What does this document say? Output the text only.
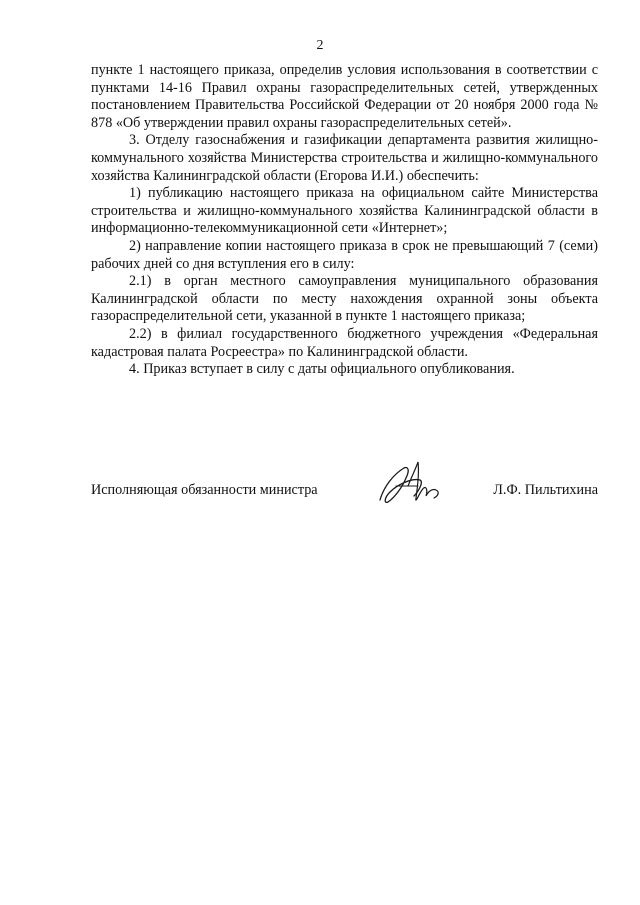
2

пункте 1 настоящего приказа, определив условия использования в соответствии с пунктами 14-16 Правил охраны газораспределительных сетей, утвержденных постановлением Правительства Российской Федерации от 20 ноября 2000 года № 878 «Об утверждении правил охраны газораспределительных сетей».

3. Отделу газоснабжения и газификации департамента развития жилищно-коммунального хозяйства Министерства строительства и жилищно-коммунального хозяйства Калининградской области (Егорова И.И.) обеспечить:

1) публикацию настоящего приказа на официальном сайте Министерства строительства и жилищно-коммунального хозяйства Калининградской области в информационно-телекоммуникационной сети «Интернет»;

2) направление копии настоящего приказа в срок не превышающий 7 (семи) рабочих дней со дня вступления его в силу:

2.1) в орган местного самоуправления муниципального образования Калининградской области по месту нахождения охранной зоны объекта газораспределительной сети, указанной в пункте 1 настоящего приказа;

2.2) в филиал государственного бюджетного учреждения «Федеральная кадастровая палата Росреестра» по Калининградской области.

4. Приказ вступает в силу с даты официального опубликования.

Исполняющая обязанности министра	Л.Ф. Пильтихина
